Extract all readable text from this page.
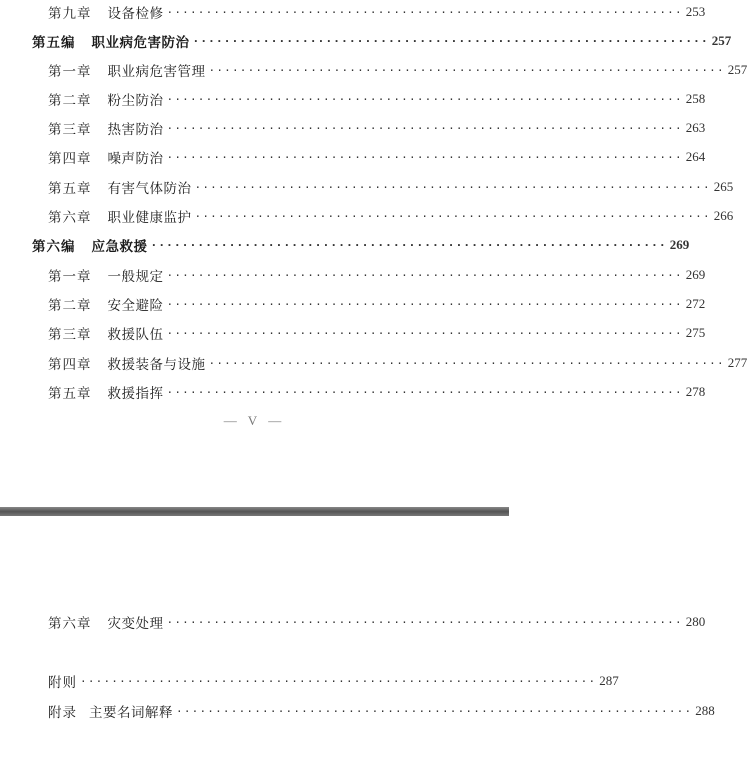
第九章 设备检修 ·································································· 253
第五编 职业病危害防治 ·································································· 257
第一章 职业病危害管理 ·································································· 257
第二章 粉尘防治 ·································································· 258
第三章 热害防治 ·································································· 263
第四章 噪声防治 ·································································· 264
第五章 有害气体防治 ·································································· 265
第六章 职业健康监护 ·································································· 266
第六编 应急救援 ·································································· 269
第一章 一般规定 ·································································· 269
第二章 安全避险 ·································································· 272
第三章 救援队伍 ·································································· 275
第四章 救援装备与设施 ·································································· 277
第五章 救援指挥 ·································································· 278
— V —
第六章 灾变处理 ·································································· 280
附则 ·································································· 287
附录 主要名词解释 ·································································· 288
